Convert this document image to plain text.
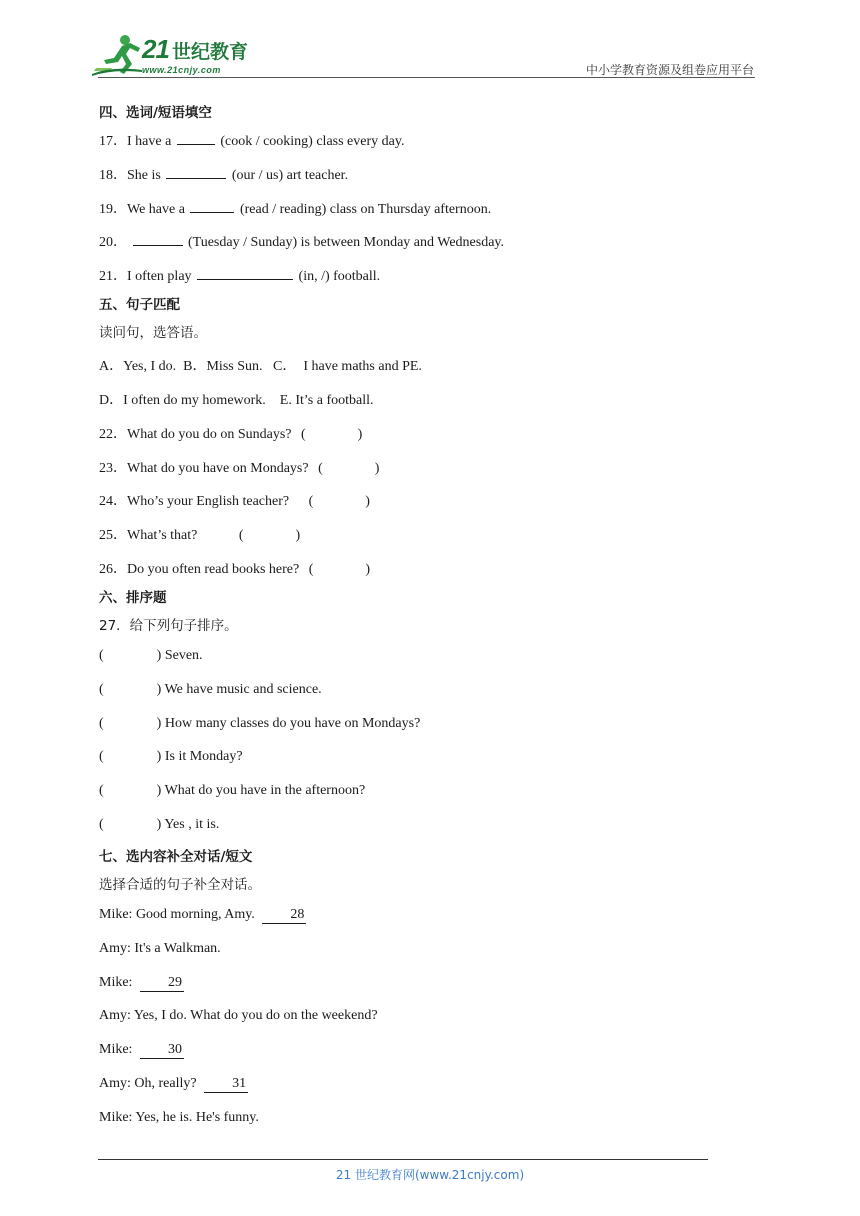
21 世纪教育
www.21cnjy.com	中小学教育资源及组卷应用平台
四、选词/短语填空
17．I have a	(cook / cooking) class every day.
18．She is	(our / us) art teacher.
19．We have a	(read / reading) class on Thursday afternoon.
20．	(Tuesday / Sunday) is between Monday and Wednesday.
21．I often play	(in, /) football.
五、句子匹配
读问句，选答语。
A．Yes, I do.  B．Miss Sun.   C．  I have maths and PE.
D．I often do my homework.    E. It’s a football.
22．What do you do on Sundays? (	)
23．What do you have on Mondays? (	)
24．Who’s your English teacher? (	)
25．What’s that?	(	)
26．Do you often read books here? (	)
六、排序题
27．给下列句子排序。
(	) Seven.
(	) We have music and science.
(	) How many classes do you have on Mondays?
(	) Is it Monday?
(	) What do you have in the afternoon?
(	) Yes , it is.
七、选内容补全对话/短文
选择合适的句子补全对话。
Mike: Good morning, Amy.	28
Amy: It's a Walkman.
Mike:	29
Amy: Yes, I do. What do you do on the weekend?
Mike:	30
Amy: Oh, really?	31
Mike: Yes, he is. He's funny.
21 世纪教育网(www.21cnjy.com)
